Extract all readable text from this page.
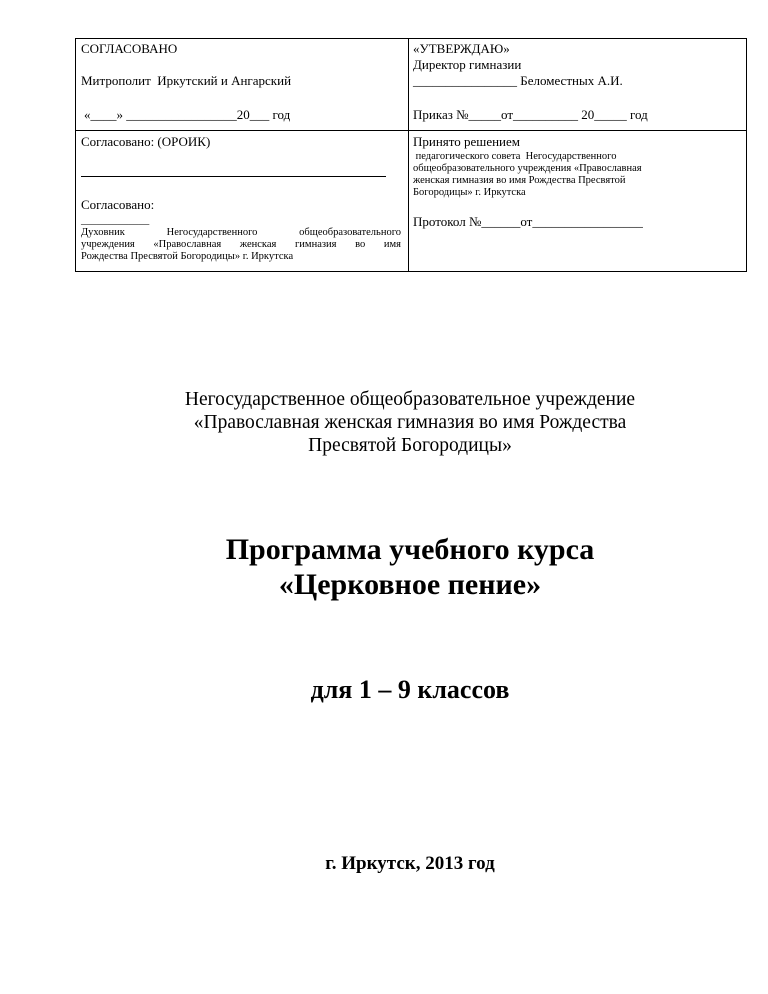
СОГЛАСОВАНО
Митрополит  Иркутский и Ангарский
«____» _________________20___ год
«УТВЕРЖДАЮ»
Директор гимназии
________________ Беломестных А.И.
Приказ №_____от__________ 20_____ год
Согласовано: (ОРОИК)
Согласовано:
_____________
Духовник Негосударственного общеобразовательного
учреждения «Православная женская гимназия во имя
Рождества Пресвятой Богородицы» г. Иркутска
Принято решением
педагогического совета  Негосударственного
общеобразовательного учреждения «Православная
женская гимназия во имя Рождества Пресвятой
Богородицы» г. Иркутска
Протокол №______от_________________
Негосударственное общеобразовательное учреждение
«Православная женская гимназия во имя Рождества
Пресвятой Богородицы»
Программа учебного курса
«Церковное пение»
для 1 – 9 классов
г. Иркутск, 2013 год
